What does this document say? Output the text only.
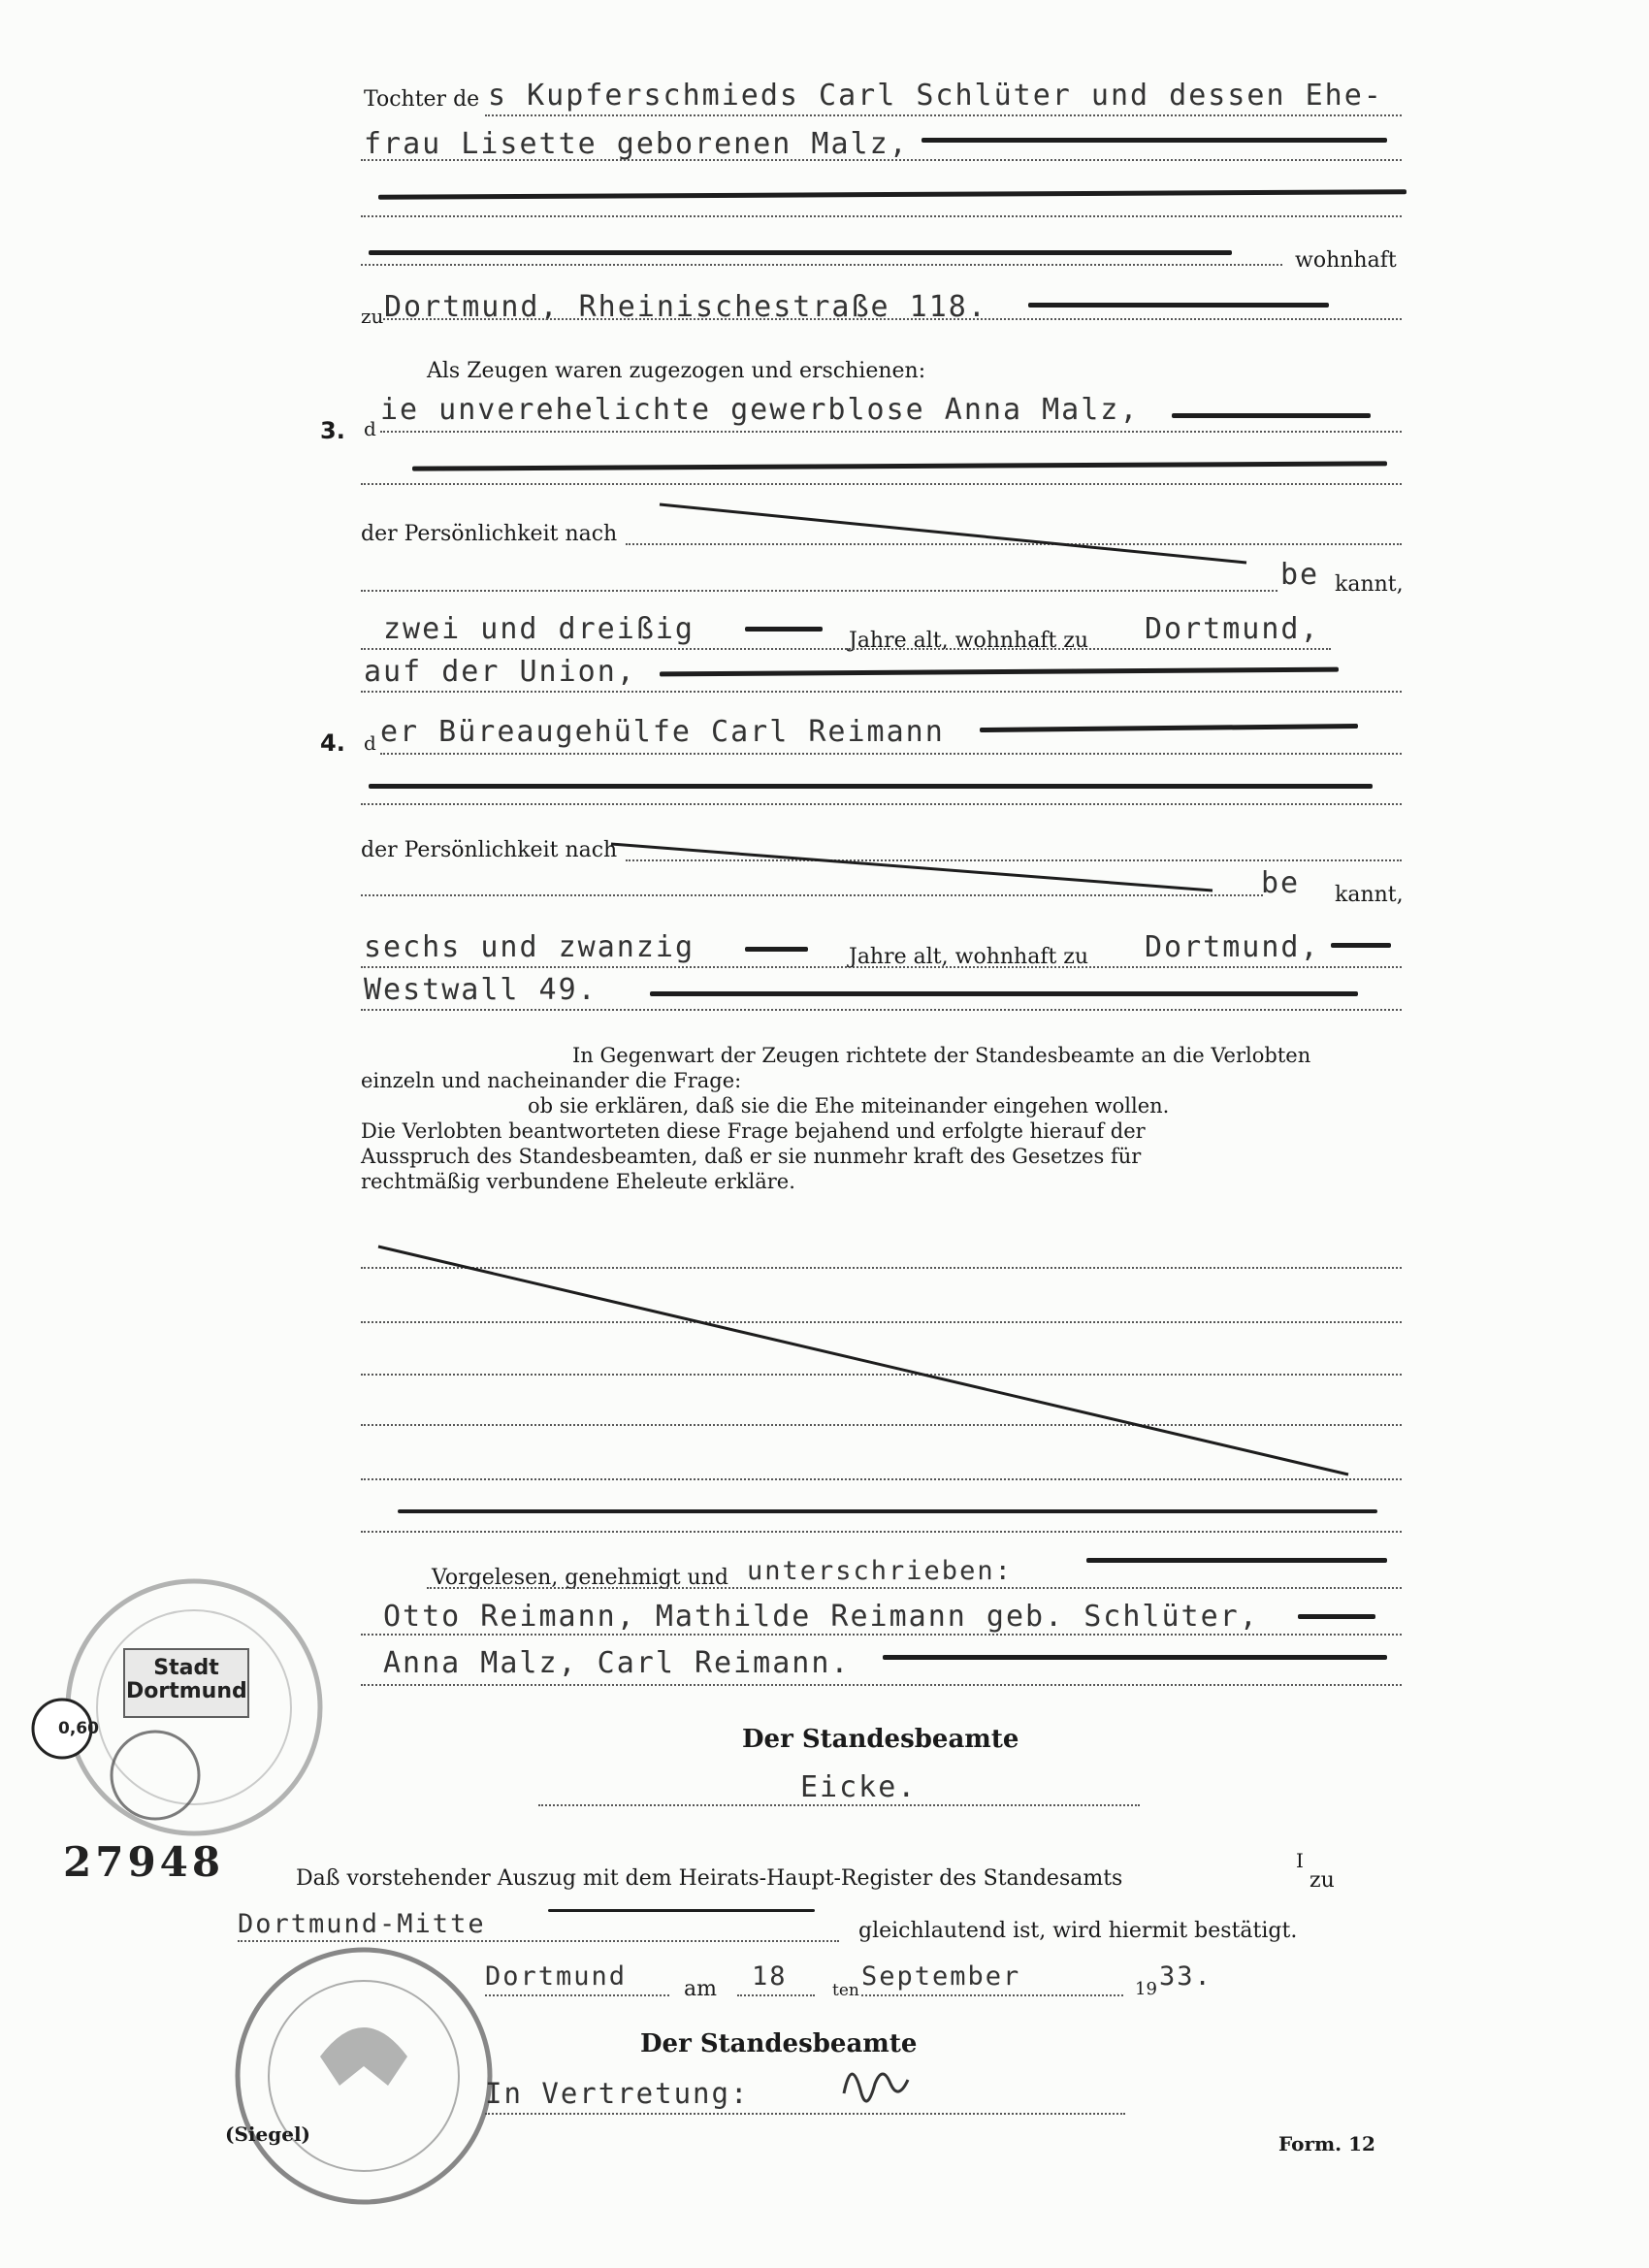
Tochter de s Kupferschmieds Carl Schlüter und dessen Ehe-
frau Lisette geborenen Malz,
wohnhaft
zu Dortmund, Rheinischestraße 118.
Als Zeugen waren zugezogen und erschienen:
3. d
ie unverehelichte gewerblose Anna Malz,
der Persönlichkeit nach
be kannt,
zwei und dreißig	Jahre alt, wohnhaft zu Dortmund,
auf der Union,
4. d er Büreaugehülfe Carl Reimann
der Persönlichkeit nach
be kannt,
sechs und zwanzig	Jahre alt, wohnhaft zu Dortmund,
Westwall 49.
In Gegenwart der Zeugen richtete der Standesbeamte an die Verlobten
einzeln und nacheinander die Frage:
ob sie erklären, daß sie die Ehe miteinander eingehen wollen.
Die Verlobten beantworteten diese Frage bejahend und erfolgte hierauf der
Ausspruch des Standesbeamten, daß er sie nunmehr kraft des Gesetzes für
rechtmäßig verbundene Eheleute erkläre.
Vorgelesen, genehmigt und unterschrieben:
Otto Reimann, Mathilde Reimann geb. Schlüter,
Anna Malz, Carl Reimann.
Der Standesbeamte
Eicke.
0,60
Stadt
Dortmund
27948	Daß vorstehender Auszug mit dem Heirats-Haupt-Register des Standesamts
I
zu
Dortmund-Mitte	gleichlautend ist, wird hiermit bestätigt.
Dortmund	am 18	ten September	19 33.
Der Standesbeamte
In Vertretung:
(Siegel)	Form. 12
